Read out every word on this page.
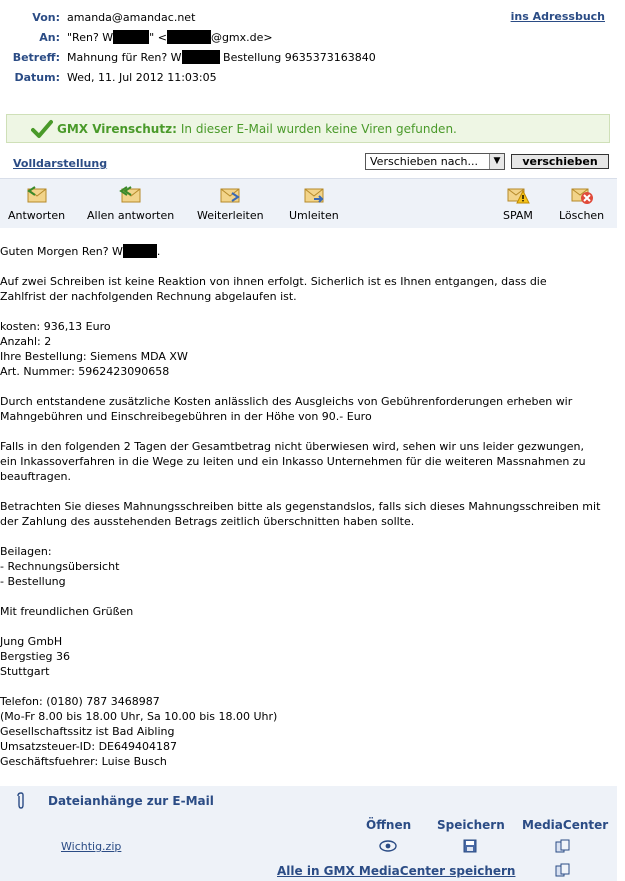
Von: amanda@amandac.net	ins Adressbuch
An: "Ren? W	" <	@gmx.de>
Betreff: Mahnung für Ren? W	Bestellung 9635373163840
Datum: Wed, 11. Jul 2012 11:03:05
GMX Virenschutz: In dieser E-Mail wurden keine Viren gefunden.
Volldarstellung	Verschieben nach...	▼	verschieben
Antworten Allen antworten Weiterleiten Umleiten	SPAM Löschen

Guten Morgen Ren? W	.

Auf zwei Schreiben ist keine Reaktion von ihnen erfolgt. Sicherlich ist es Ihnen entgangen, dass die
Zahlfrist der nachfolgenden Rechnung abgelaufen ist.

kosten: 936,13 Euro
Anzahl: 2
Ihre Bestellung: Siemens MDA XW
Art. Nummer: 5962423090658

Durch entstandene zusätzliche Kosten anlässlich des Ausgleichs von Gebührenforderungen erheben wir
Mahngebühren und Einschreibegebühren in der Höhe von 90.- Euro

Falls in den folgenden 2 Tagen der Gesamtbetrag nicht überwiesen wird, sehen wir uns leider gezwungen,
ein Inkassoverfahren in die Wege zu leiten und ein Inkasso Unternehmen für die weiteren Massnahmen zu
beauftragen.

Betrachten Sie dieses Mahnungsschreiben bitte als gegenstandslos, falls sich dieses Mahnungsschreiben mit
der Zahlung des ausstehenden Betrags zeitlich überschnitten haben sollte.

Beilagen:
- Rechnungsübersicht
- Bestellung

Mit freundlichen Grüßen

Jung GmbH
Bergstieg 36
Stuttgart

Telefon: (0180) 787 3468987
(Mo-Fr 8.00 bis 18.00 Uhr, Sa 10.00 bis 18.00 Uhr)
Gesellschaftssitz ist Bad Aibling
Umsatzsteuer-ID: DE649404187
Geschäftsfuehrer: Luise Busch

Dateianhänge zur E-Mail
Öffnen Speichern MediaCenter
Wichtig.zip
Alle in GMX MediaCenter speichern
